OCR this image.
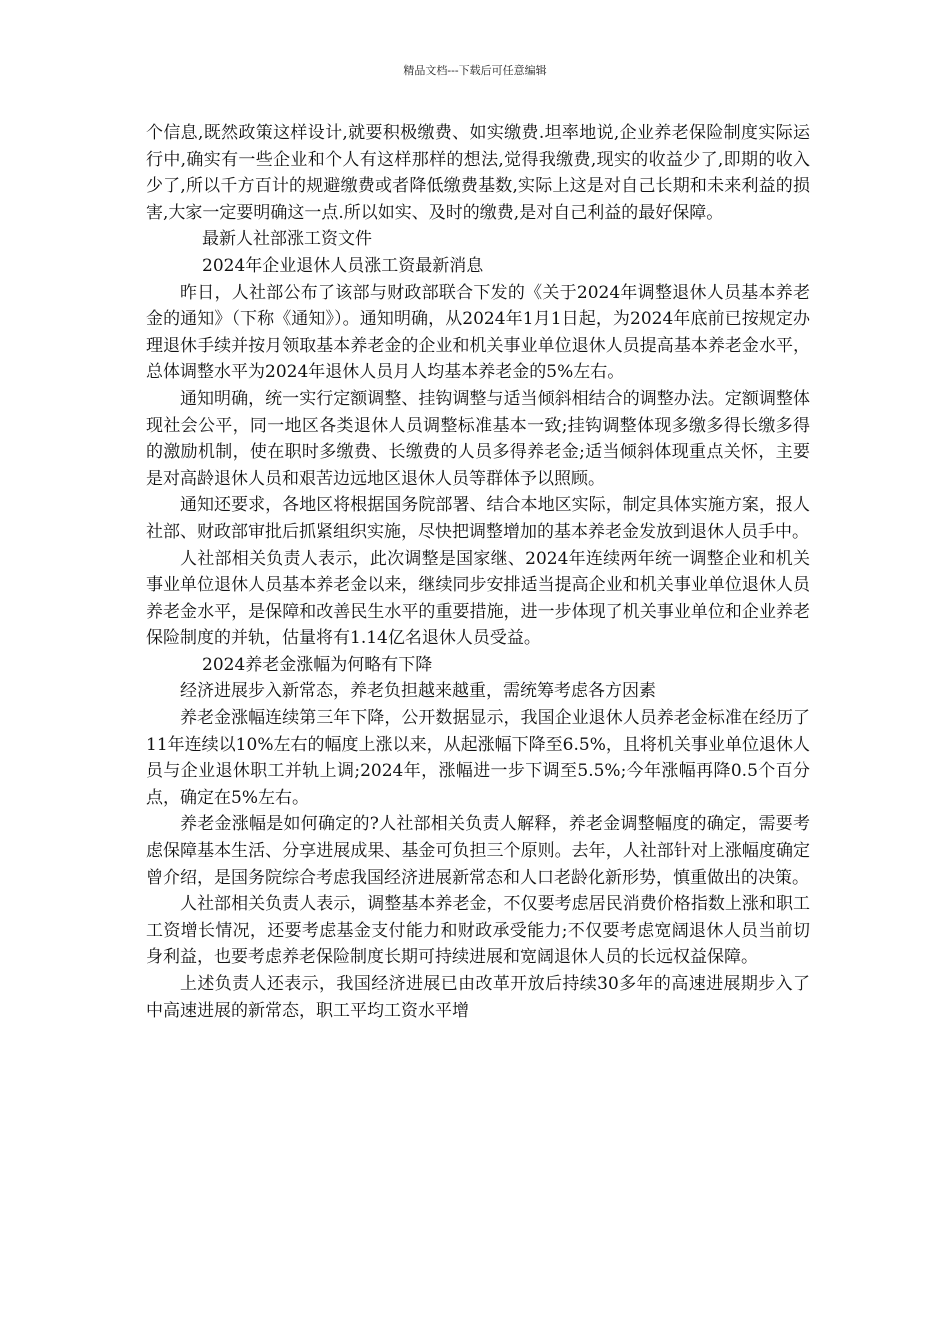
精品文档---下载后可任意编辑

个信息,既然政策这样设计,就要积极缴费、如实缴费.坦率地说,企业养老保险制度实际运行中,确实有一些企业和个人有这样那样的想法,觉得我缴费,现实的收益少了,即期的收入少了,所以千方百计的规避缴费或者降低缴费基数,实际上这是对自己长期和未来利益的损害,大家一定要明确这一点.所以如实、及时的缴费,是对自己利益的最好保障。

最新人社部涨工资文件

2024年企业退休人员涨工资最新消息

昨日，人社部公布了该部与财政部联合下发的《关于2024年调整退休人员基本养老金的通知》（下称《通知》）。通知明确，从2024年1月1日起，为2024年底前已按规定办理退休手续并按月领取基本养老金的企业和机关事业单位退休人员提高基本养老金水平，总体调整水平为2024年退休人员月人均基本养老金的5%左右。

通知明确，统一实行定额调整、挂钩调整与适当倾斜相结合的调整办法。定额调整体现社会公平，同一地区各类退休人员调整标准基本一致;挂钩调整体现多缴多得长缴多得的激励机制，使在职时多缴费、长缴费的人员多得养老金;适当倾斜体现重点关怀，主要是对高龄退休人员和艰苦边远地区退休人员等群体予以照顾。

通知还要求，各地区将根据国务院部署、结合本地区实际，制定具体实施方案，报人社部、财政部审批后抓紧组织实施，尽快把调整增加的基本养老金发放到退休人员手中。

人社部相关负责人表示，此次调整是国家继、2024年连续两年统一调整企业和机关事业单位退休人员基本养老金以来，继续同步安排适当提高企业和机关事业单位退休人员养老金水平，是保障和改善民生水平的重要措施，进一步体现了机关事业单位和企业养老保险制度的并轨，估量将有1.14亿名退休人员受益。

2024养老金涨幅为何略有下降

经济进展步入新常态，养老负担越来越重，需统筹考虑各方因素

养老金涨幅连续第三年下降，公开数据显示，我国企业退休人员养老金标准在经历了11年连续以10%左右的幅度上涨以来，从起涨幅下降至6.5%，且将机关事业单位退休人员与企业退休职工并轨上调;2024年，涨幅进一步下调至5.5%;今年涨幅再降0.5个百分点，确定在5%左右。

养老金涨幅是如何确定的?人社部相关负责人解释，养老金调整幅度的确定，需要考虑保障基本生活、分享进展成果、基金可负担三个原则。去年，人社部针对上涨幅度确定曾介绍，是国务院综合考虑我国经济进展新常态和人口老龄化新形势，慎重做出的决策。

人社部相关负责人表示，调整基本养老金，不仅要考虑居民消费价格指数上涨和职工工资增长情况，还要考虑基金支付能力和财政承受能力;不仅要考虑宽阔退休人员当前切身利益，也要考虑养老保险制度长期可持续进展和宽阔退休人员的长远权益保障。

上述负责人还表示，我国经济进展已由改革开放后持续30多年的高速进展期步入了中高速进展的新常态，职工平均工资水平增
